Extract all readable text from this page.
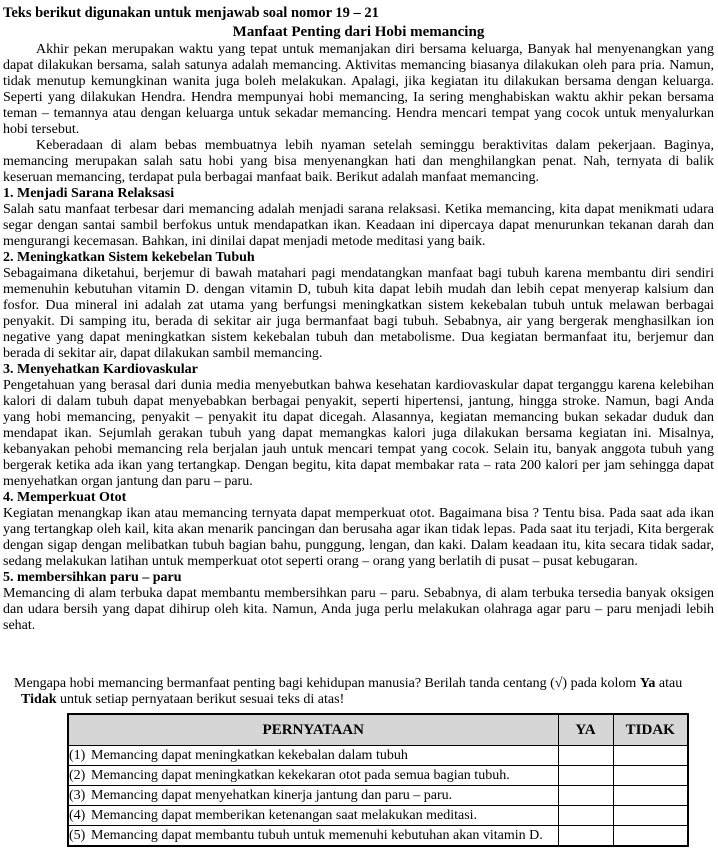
Teks berikut digunakan untuk menjawab soal nomor 19 – 21
Manfaat Penting dari Hobi memancing

Akhir pekan merupakan waktu yang tepat untuk memanjakan diri bersama keluarga, Banyak hal menyenangkan yang dapat dilakukan bersama, salah satunya adalah memancing. Aktivitas memancing biasanya dilakukan oleh para pria. Namun, tidak menutup kemungkinan wanita juga boleh melakukan. Apalagi, jika kegiatan itu dilakukan bersama dengan keluarga. Seperti yang dilakukan Hendra. Hendra mempunyai hobi memancing, Ia sering menghabiskan waktu akhir pekan bersama teman – temannya atau dengan keluarga untuk sekadar memancing. Hendra mencari tempat yang cocok untuk menyalurkan hobi tersebut.

Keberadaan di alam bebas membuatnya lebih nyaman setelah seminggu beraktivitas dalam pekerjaan. Baginya, memancing merupakan salah satu hobi yang bisa menyenangkan hati dan menghilangkan penat. Nah, ternyata di balik keseruan memancing, terdapat pula berbagai manfaat baik. Berikut adalah manfaat memancing.

1. Menjadi Sarana Relaksasi

Salah satu manfaat terbesar dari memancing adalah menjadi sarana relaksasi. Ketika memancing, kita dapat menikmati udara segar dengan santai sambil berfokus untuk mendapatkan ikan. Keadaan ini dipercaya dapat menurunkan tekanan darah dan mengurangi kecemasan. Bahkan, ini dinilai dapat menjadi metode meditasi yang baik.

2. Meningkatkan Sistem kekebelan Tubuh

Sebagaimana diketahui, berjemur di bawah matahari pagi mendatangkan manfaat bagi tubuh karena membantu diri sendiri memenuhin kebutuhan vitamin D. dengan vitamin D, tubuh kita dapat lebih mudah dan lebih cepat menyerap kalsium dan fosfor. Dua mineral ini adalah zat utama yang berfungsi meningkatkan sistem kekebalan tubuh untuk melawan berbagai penyakit. Di samping itu, berada di sekitar air juga bermanfaat bagi tubuh. Sebabnya, air yang bergerak menghasilkan ion negative yang dapat meningkatkan sistem kekebalan tubuh dan metabolisme. Dua kegiatan bermanfaat itu, berjemur dan berada di sekitar air, dapat dilakukan sambil memancing.

3. Menyehatkan Kardiovaskular

Pengetahuan yang berasal dari dunia media menyebutkan bahwa kesehatan kardiovaskular dapat terganggu karena kelebihan kalori di dalam tubuh dapat menyebabkan berbagai penyakit, seperti hipertensi, jantung, hingga stroke. Namun, bagi Anda yang hobi memancing, penyakit – penyakit itu dapat dicegah. Alasannya, kegiatan memancing bukan sekadar duduk dan mendapat ikan. Sejumlah gerakan tubuh yang dapat memangkas kalori juga dilakukan bersama kegiatan ini. Misalnya, kebanyakan pehobi memancing rela berjalan jauh untuk mencari tempat yang cocok. Selain itu, banyak anggota tubuh yang bergerak ketika ada ikan yang tertangkap. Dengan begitu, kita dapat membakar rata – rata 200 kalori per jam sehingga dapat menyehatkan organ jantung dan paru – paru.

4. Memperkuat Otot

Kegiatan menangkap ikan atau memancing ternyata dapat memperkuat otot. Bagaimana bisa ? Tentu bisa. Pada saat ada ikan yang tertangkap oleh kail, kita akan menarik pancingan dan berusaha agar ikan tidak lepas. Pada saat itu terjadi, Kita bergerak dengan sigap dengan melibatkan tubuh bagian bahu, punggung, lengan, dan kaki. Dalam keadaan itu, kita secara tidak sadar, sedang melakukan latihan untuk memperkuat otot seperti orang – orang yang berlatih di pusat – pusat kebugaran.

5. membersihkan paru – paru

Memancing di alam terbuka dapat membantu membersihkan paru – paru. Sebabnya, di alam terbuka tersedia banyak oksigen dan udara bersih yang dapat dihirup oleh kita. Namun, Anda juga perlu melakukan olahraga agar paru – paru menjadi lebih sehat.

Mengapa hobi memancing bermanfaat penting bagi kehidupan manusia? Berilah tanda centang (√) pada kolom Ya atau Tidak untuk setiap pernyataan berikut sesuai teks di atas!

PERNYATAAN	YA	TIDAK
(1) Memancing dapat meningkatkan kekebalan dalam tubuh		
(2) Memancing dapat meningkatkan kekekaran otot pada semua bagian tubuh.		
(3) Memancing dapat menyehatkan kinerja jantung dan paru – paru.		
(4) Memancing dapat memberikan ketenangan saat melakukan meditasi.		
(5) Memancing dapat membantu tubuh untuk memenuhi kebutuhan akan vitamin D.		
